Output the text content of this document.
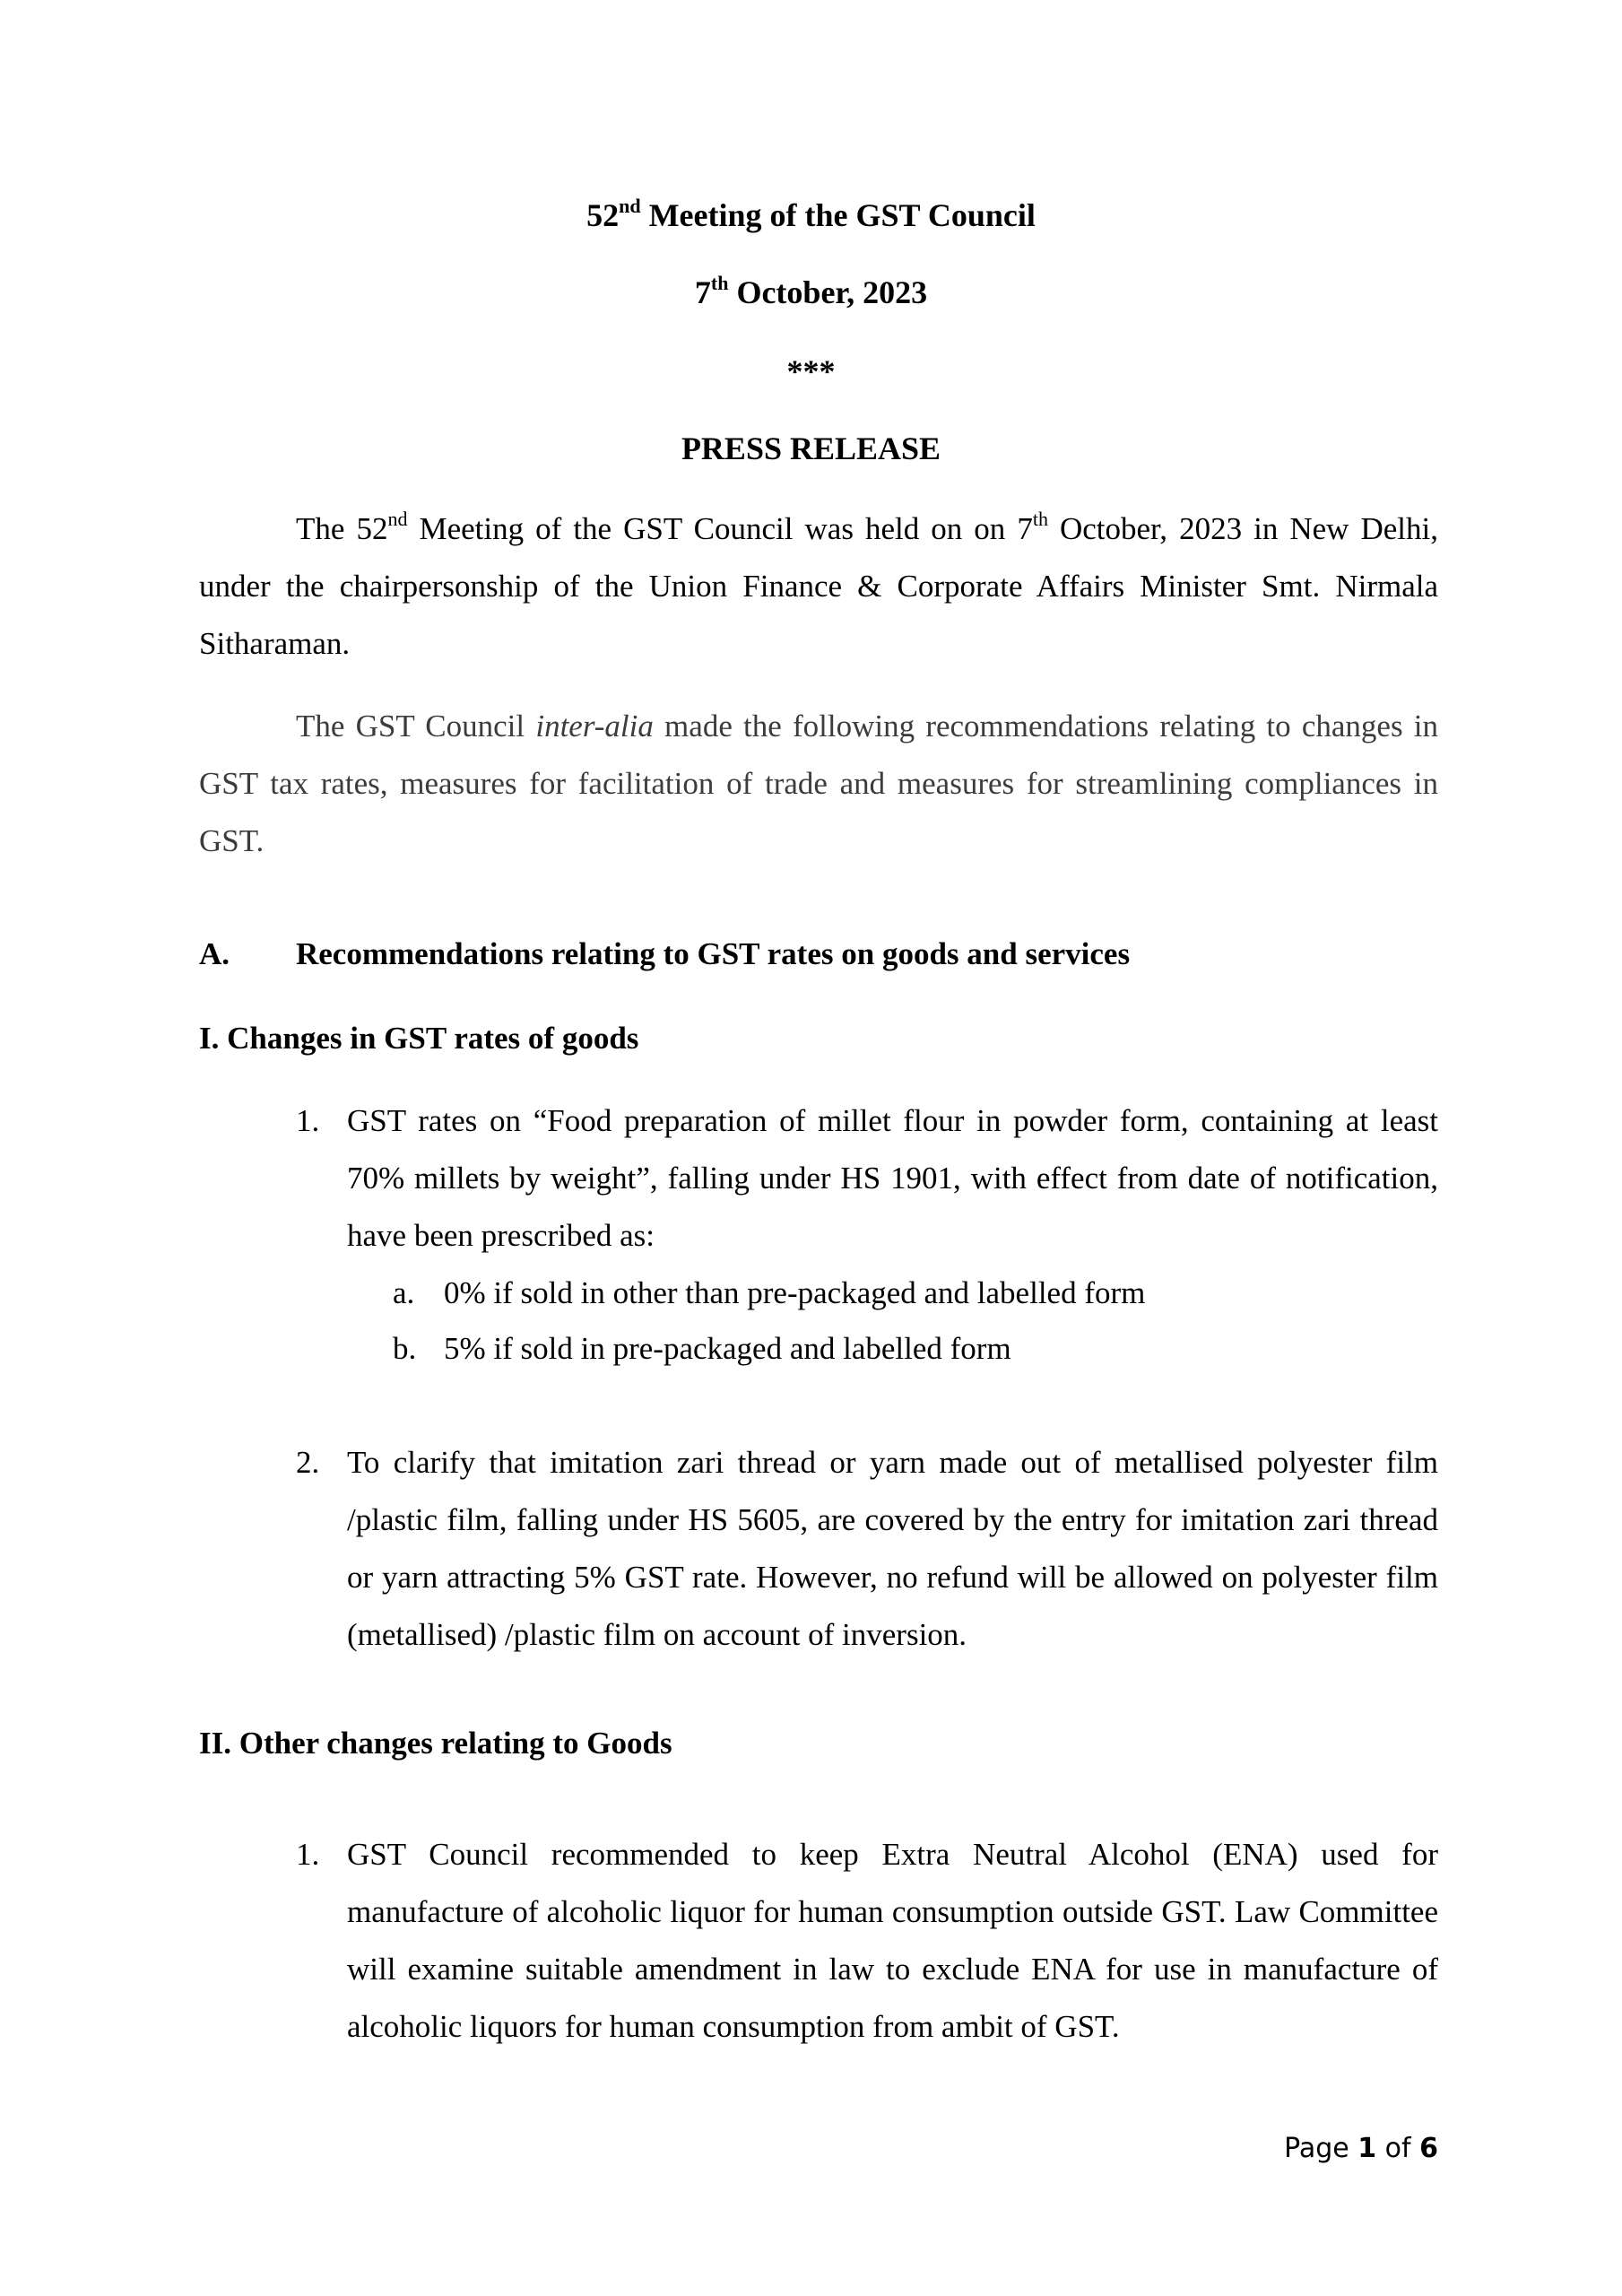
52nd Meeting of the GST Council
7th October, 2023
***
PRESS RELEASE
The 52nd Meeting of the GST Council was held on on 7th October, 2023 in New Delhi, under the chairpersonship of the Union Finance & Corporate Affairs Minister Smt. Nirmala Sitharaman.
The GST Council inter-alia made the following recommendations relating to changes in GST tax rates, measures for facilitation of trade and measures for streamlining compliances in GST.
A. Recommendations relating to GST rates on goods and services
I. Changes in GST rates of goods
1. GST rates on “Food preparation of millet flour in powder form, containing at least 70% millets by weight”, falling under HS 1901, with effect from date of notification, have been prescribed as:
a. 0% if sold in other than pre-packaged and labelled form
b. 5% if sold in pre-packaged and labelled form
2. To clarify that imitation zari thread or yarn made out of metallised polyester film /plastic film, falling under HS 5605, are covered by the entry for imitation zari thread or yarn attracting 5% GST rate. However, no refund will be allowed on polyester film (metallised) /plastic film on account of inversion.
II. Other changes relating to Goods
1. GST Council recommended to keep Extra Neutral Alcohol (ENA) used for manufacture of alcoholic liquor for human consumption outside GST. Law Committee will examine suitable amendment in law to exclude ENA for use in manufacture of alcoholic liquors for human consumption from ambit of GST.
Page 1 of 6
